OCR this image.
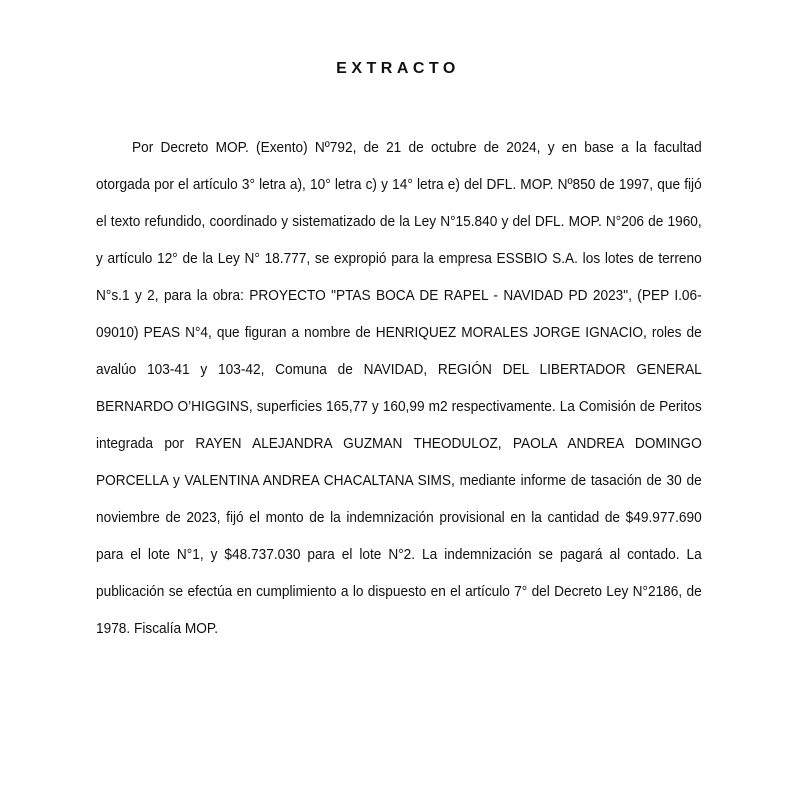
EXTRACTO

Por Decreto MOP. (Exento) Nº792, de 21 de octubre de 2024, y en base a la facultad otorgada por el artículo 3° letra a), 10° letra c) y 14° letra e) del DFL. MOP. Nº850 de 1997, que fijó el texto refundido, coordinado y sistematizado de la Ley N°15.840 y del DFL. MOP. N°206 de 1960, y artículo 12° de la Ley N° 18.777, se expropió para la empresa ESSBIO S.A. los lotes de terreno N°s.1 y 2, para la obra: PROYECTO "PTAS BOCA DE RAPEL - NAVIDAD PD 2023", (PEP I.06-09010) PEAS N°4, que figuran a nombre de HENRIQUEZ MORALES JORGE IGNACIO, roles de avalúo 103-41 y 103-42, Comuna de NAVIDAD, REGIÓN DEL LIBERTADOR GENERAL BERNARDO O’HIGGINS, superficies 165,77 y 160,99 m2 respectivamente. La Comisión de Peritos integrada por RAYEN ALEJANDRA GUZMAN THEODULOZ, PAOLA ANDREA DOMINGO PORCELLA y VALENTINA ANDREA CHACALTANA SIMS, mediante informe de tasación de 30 de noviembre de 2023, fijó el monto de la indemnización provisional en la cantidad de $49.977.690 para el lote N°1, y $48.737.030 para el lote N°2. La indemnización se pagará al contado. La publicación se efectúa en cumplimiento a lo dispuesto en el artículo 7° del Decreto Ley N°2186, de 1978. Fiscalía MOP.
